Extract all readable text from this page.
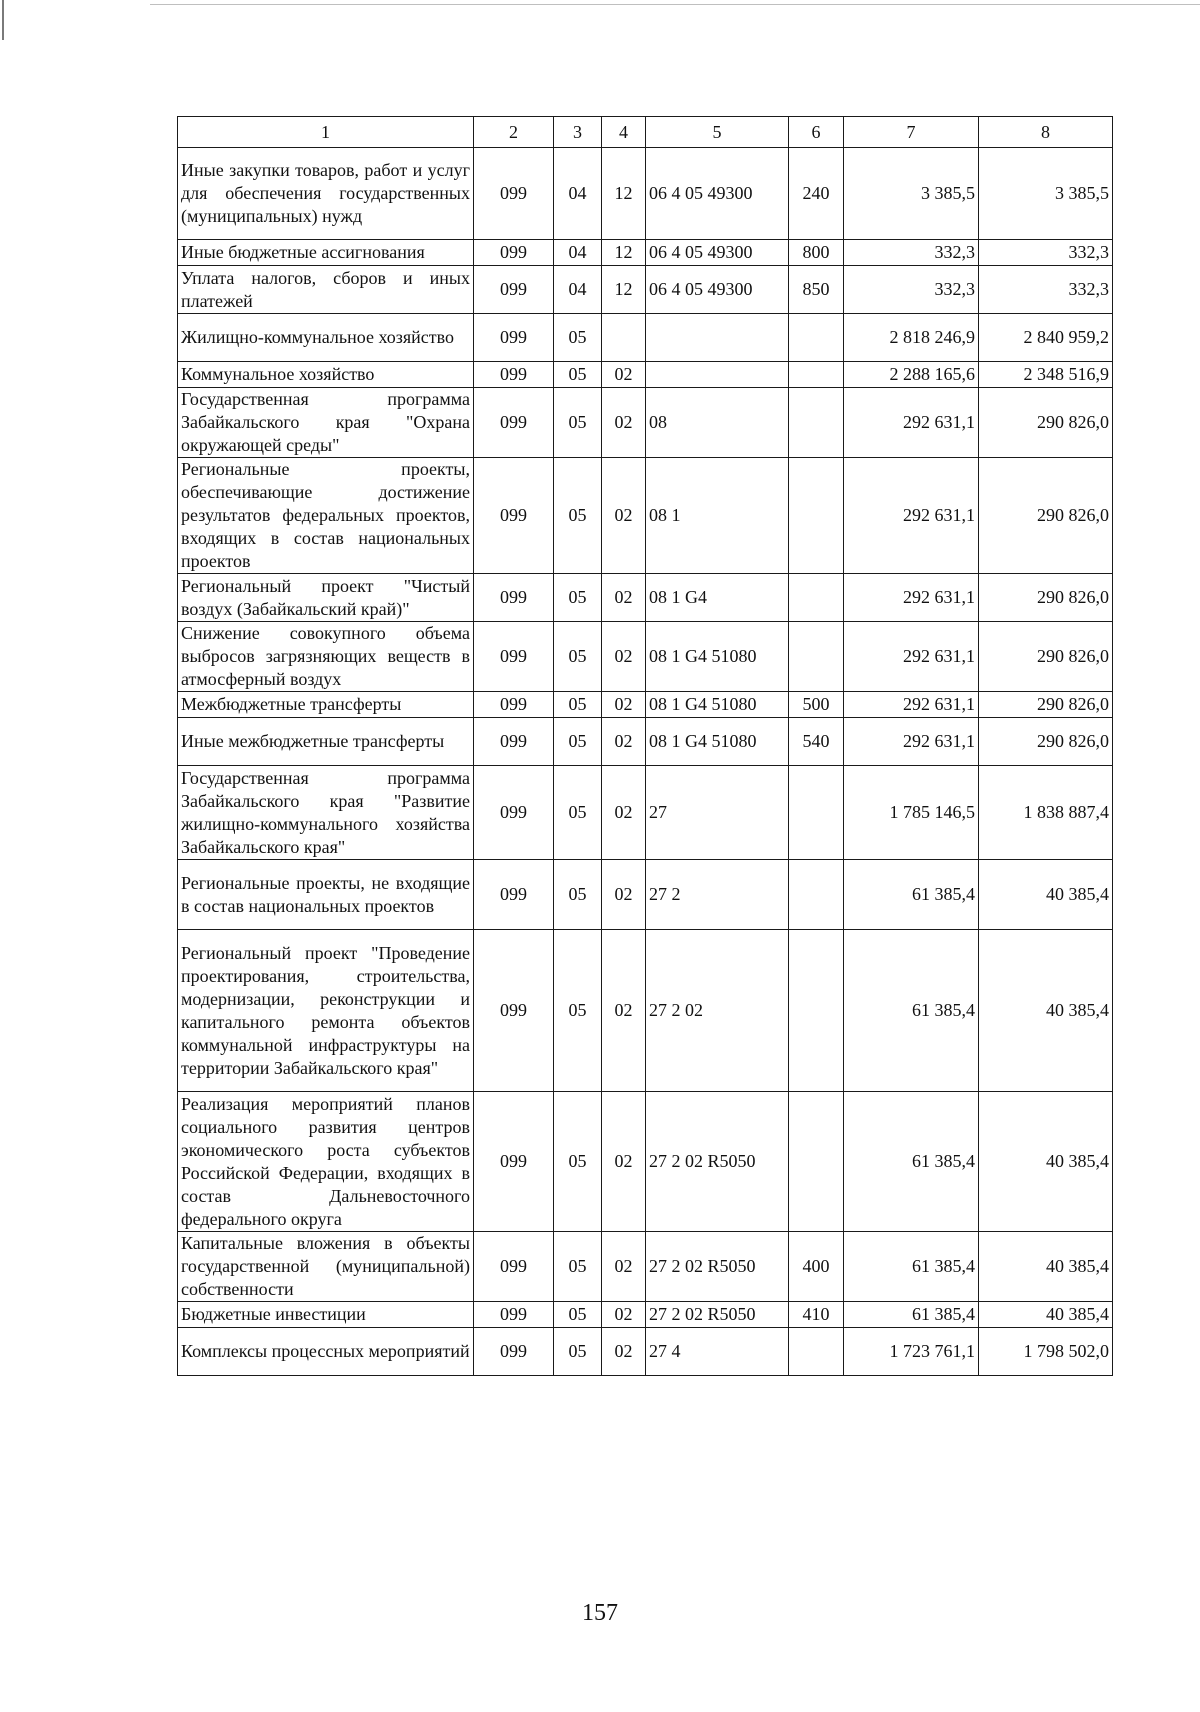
1	2	3	4	5	6	7	8
Иные закупки товаров, работ и услуг для обеспечения государственных (муниципальных) нужд	099	04	12	06 4 05 49300	240	3 385,5	3 385,5
Иные бюджетные ассигнования	099	04	12	06 4 05 49300	800	332,3	332,3
Уплата налогов, сборов и иных платежей	099	04	12	06 4 05 49300	850	332,3	332,3
Жилищно-коммунальное хозяйство	099	05				2 818 246,9	2 840 959,2
Коммунальное хозяйство	099	05	02			2 288 165,6	2 348 516,9
Государственная программа Забайкальского края "Охрана окружающей среды"	099	05	02	08		292 631,1	290 826,0
Региональные проекты, обеспечивающие достижение результатов федеральных проектов, входящих в состав национальных проектов	099	05	02	08 1		292 631,1	290 826,0
Региональный проект "Чистый воздух (Забайкальский край)"	099	05	02	08 1 G4		292 631,1	290 826,0
Снижение совокупного объема выбросов загрязняющих веществ в атмосферный воздух	099	05	02	08 1 G4 51080		292 631,1	290 826,0
Межбюджетные трансферты	099	05	02	08 1 G4 51080	500	292 631,1	290 826,0
Иные межбюджетные трансферты	099	05	02	08 1 G4 51080	540	292 631,1	290 826,0
Государственная программа Забайкальского края "Развитие жилищно-коммунального хозяйства Забайкальского края"	099	05	02	27		1 785 146,5	1 838 887,4
Региональные проекты, не входящие в состав национальных проектов	099	05	02	27 2		61 385,4	40 385,4
Региональный проект "Проведение проектирования, строительства, модернизации, реконструкции и капитального ремонта объектов коммунальной инфраструктуры на территории Забайкальского края"	099	05	02	27 2 02		61 385,4	40 385,4
Реализация мероприятий планов социального развития центров экономического роста субъектов Российской Федерации, входящих в состав Дальневосточного федерального округа	099	05	02	27 2 02 R5050		61 385,4	40 385,4
Капитальные вложения в объекты государственной (муниципальной) собственности	099	05	02	27 2 02 R5050	400	61 385,4	40 385,4
Бюджетные инвестиции	099	05	02	27 2 02 R5050	410	61 385,4	40 385,4
Комплексы процессных мероприятий	099	05	02	27 4		1 723 761,1	1 798 502,0
157
